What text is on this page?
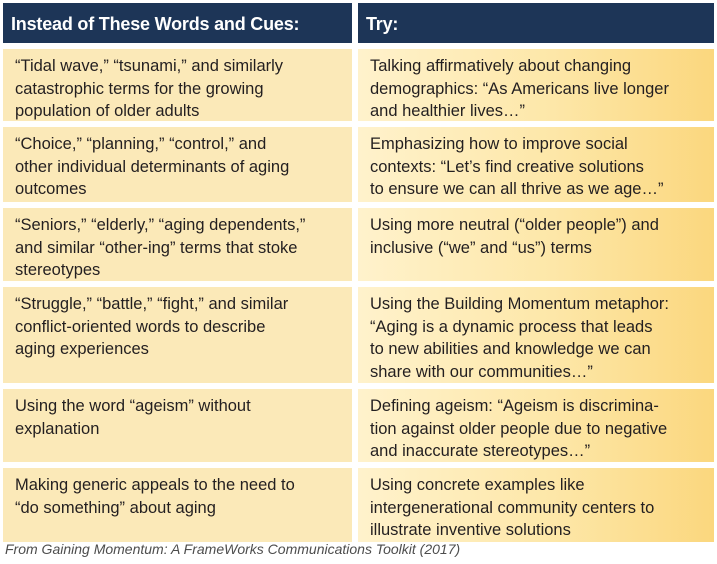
Instead of These Words and Cues:	Try:
“Tidal wave,” “tsunami,” and similarly
catastrophic terms for the growing
population of older adults
Talking affirmatively about changing
demographics: “As Americans live longer
and healthier lives…”
“Choice,” “planning,” “control,” and
other individual determinants of aging
outcomes
Emphasizing how to improve social
contexts: “Let’s find creative solutions
to ensure we can all thrive as we age…”
“Seniors,” “elderly,” “aging dependents,”
and similar “other-ing” terms that stoke
stereotypes
Using more neutral (“older people”) and
inclusive (“we” and “us”) terms
“Struggle,” “battle,” “fight,” and similar
conflict-oriented words to describe
aging experiences
Using the Building Momentum metaphor:
“Aging is a dynamic process that leads
to new abilities and knowledge we can
share with our communities…”
Using the word “ageism” without
explanation
Defining ageism: “Ageism is discrimina-
tion against older people due to negative
and inaccurate stereotypes…”
Making generic appeals to the need to
“do something” about aging
Using concrete examples like
intergenerational community centers to
illustrate inventive solutions
From Gaining Momentum: A FrameWorks Communications Toolkit (2017)
